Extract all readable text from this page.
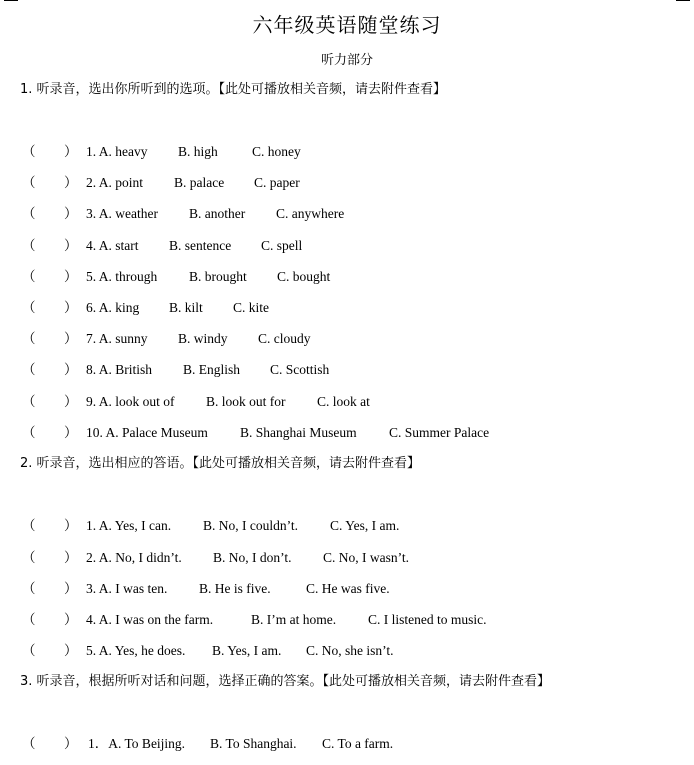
六年级英语随堂练习
听力部分
1. 听录音，选出你所听到的选项。【此处可播放相关音频，请去附件查看】
（ ） 1. A. heavy B. high	C. honey
（ ） 2. A. point B. palace C. paper
（ ） 3. A. weather B. another C. anywhere
（ ） 4. A. start B. sentence C. spell
（ ） 5. A. through B. brought C. bought
（ ） 6. A. king B. kilt C. kite
（ ） 7. A. sunny B. windy C. cloudy
（ ） 8. A. British B. English C. Scottish
（ ） 9. A. look out of B. look out for C. look at
（ ） 10. A. Palace Museum B. Shanghai Museum C. Summer Palace
2. 听录音，选出相应的答语。【此处可播放相关音频，请去附件查看】
（ ） 1. A. Yes, I can. B. No, I couldn’t. C. Yes, I am.
（ ） 2. A. No, I didn’t. B. No, I don’t. C. No, I wasn’t.
（ ） 3. A. I was ten. B. He is five.	C. He was five.
（ ） 4. A. I was on the farm.	B. I’m at home. C. I listened to music.
（ ） 5. A. Yes, he does. B. Yes, I am. C. No, she isn’t.
3. 听录音，根据所听对话和问题，选择正确的答案。【此处可播放相关音频，请去附件查看】
（ ） 1．A. To Beijing. B. To Shanghai. C. To a farm.
